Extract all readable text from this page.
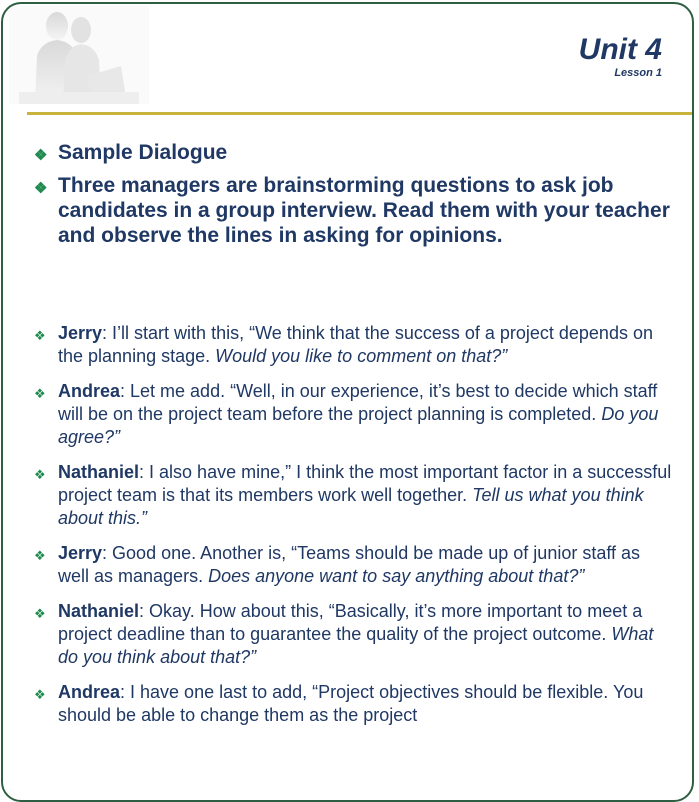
Unit 4
Lesson 1
❖ Sample Dialogue
❖ Three managers are brainstorming questions to ask job candidates in a group interview. Read them with your teacher and observe the lines in asking for opinions.
❖ Jerry: I’ll start with this, “We think that the success of a project depends on the planning stage. Would you like to comment on that?”
❖ Andrea: Let me add. “Well, in our experience, it’s best to decide which staff will be on the project team before the project planning is completed. Do you agree?”
❖ Nathaniel: I also have mine,” I think the most important factor in a successful project team is that its members work well together. Tell us what you think about this.”
❖ Jerry: Good one. Another is, “Teams should be made up of junior staff as well as managers. Does anyone want to say anything about that?”
❖ Nathaniel: Okay. How about this, “Basically, it’s more important to meet a project deadline than to guarantee the quality of the project outcome. What do you think about that?”
❖ Andrea: I have one last to add, “Project objectives should be flexible. You should be able to change them as the project
